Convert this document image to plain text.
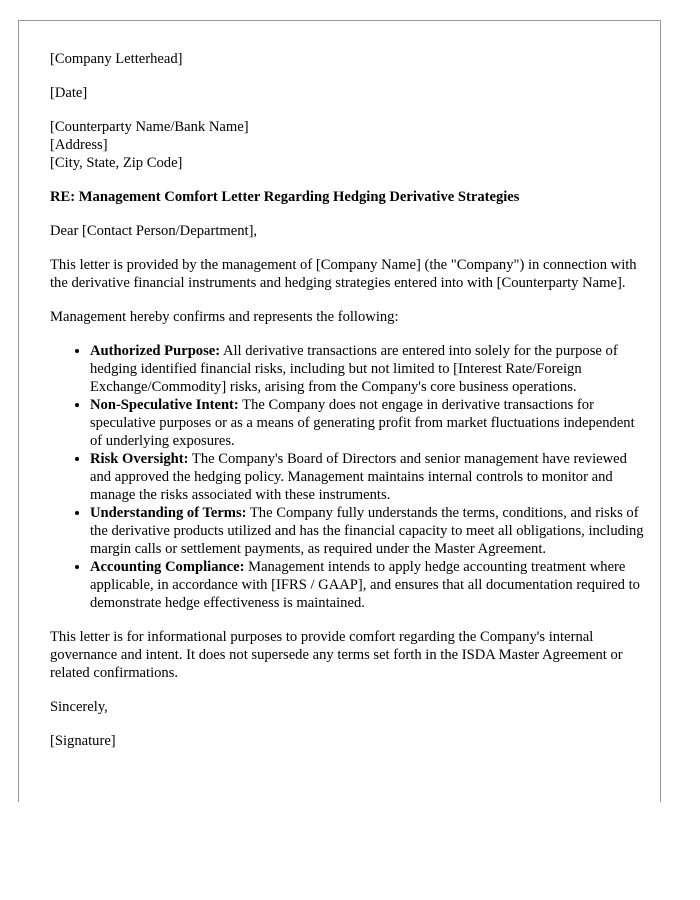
[Company Letterhead]

[Date]

[Counterparty Name/Bank Name]

[Address]

[City, State, Zip Code]

RE: Management Comfort Letter Regarding Hedging Derivative Strategies

Dear [Contact Person/Department],

This letter is provided by the management of [Company Name] (the "Company") in connection with the derivative financial instruments and hedging strategies entered into with [Counterparty Name].

Management hereby confirms and represents the following:

• Authorized Purpose: All derivative transactions are entered into solely for the purpose of hedging identified financial risks, including but not limited to [Interest Rate/Foreign Exchange/Commodity] risks, arising from the Company's core business operations.
• Non-Speculative Intent: The Company does not engage in derivative transactions for speculative purposes or as a means of generating profit from market fluctuations independent of underlying exposures.
• Risk Oversight: The Company's Board of Directors and senior management have reviewed and approved the hedging policy. Management maintains internal controls to monitor and manage the risks associated with these instruments.
• Understanding of Terms: The Company fully understands the terms, conditions, and risks of the derivative products utilized and has the financial capacity to meet all obligations, including margin calls or settlement payments, as required under the Master Agreement.
• Accounting Compliance: Management intends to apply hedge accounting treatment where applicable, in accordance with [IFRS / GAAP], and ensures that all documentation required to demonstrate hedge effectiveness is maintained.

This letter is for informational purposes to provide comfort regarding the Company's internal governance and intent. It does not supersede any terms set forth in the ISDA Master Agreement or related confirmations.

Sincerely,

[Signature]
